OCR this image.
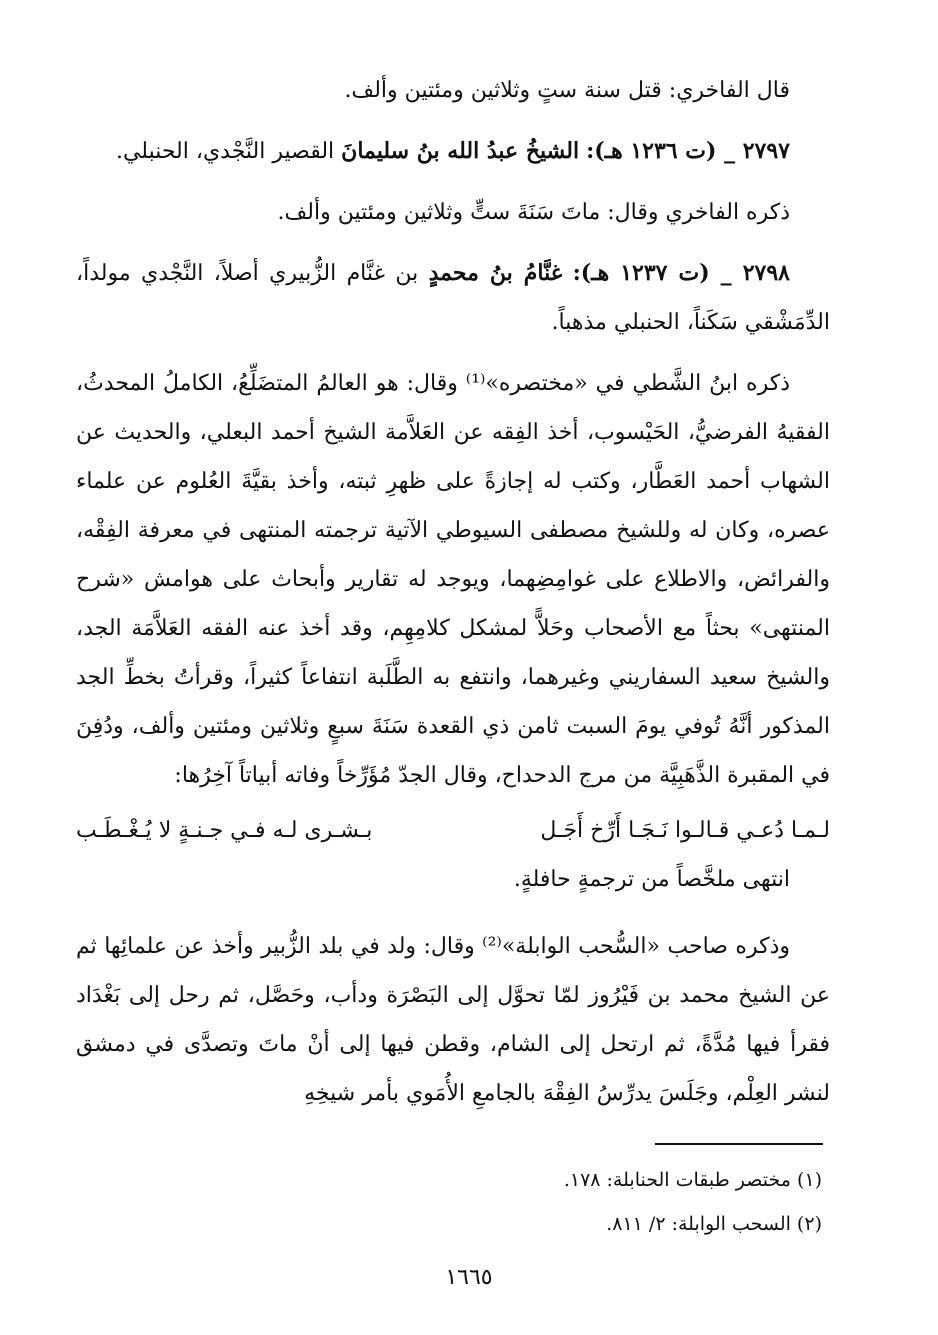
قال الفاخري: قتل سنة ستٍ وثلاثين ومئتين وألف.

٢٧٩٧ _ (ت ١٢٣٦ هـ): الشيخُ عبدُ الله بنُ سليمانَ القصير النَّجْدي، الحنبلي.

ذكره الفاخري وقال: ماتَ سَنَةَ ستٍّ وثلاثين ومئتين وألف.

٢٧٩٨ _ (ت ١٢٣٧ هـ): غنَّامُ بنُ محمدٍ بن غنَّام الزُّبيري أصلاً، النَّجْدي مولداً، الدِّمَشْقي سَكَناً، الحنبلي مذهباً.

ذكره ابنُ الشَّطي في «مختصره»⁽¹⁾ وقال: هو العالمُ المتضَلِّعُ، الكاملُ المحدثُ، الفقيهُ الفرضيُّ، الحَيْسوب، أخذ الفِقه عن العَلاَّمة الشيخ أحمد البعلي، والحديث عن الشهاب أحمد العَطَّار، وكتب له إجازةً على ظهرِ ثبته، وأخذ بقيَّةَ العُلوم عن علماء عصره، وكان له وللشيخ مصطفى السيوطي الآتية ترجمته المنتهى في معرفة الفِقْه، والفرائض، والاطلاع على غوامِضِهما، ويوجد له تقارير وأبحاث على هوامش «شرح المنتهى» بحثاً مع الأصحاب وحَلاًّ لمشكل كلامِهِم، وقد أخذ عنه الفقه العَلاَّمَة الجد، والشيخ سعيد السفاريني وغيرهما، وانتفع به الطَّلَبة انتفاعاً كثيراً، وقرأتُ بخطِّ الجد المذكور أنَّهُ تُوفي يومَ السبت ثامن ذي القعدة سَنَةَ سبعٍ وثلاثين ومئتين وألف، ودُفِنَ في المقبرة الذَّهَبِيَّة من مرج الدحداح، وقال الجدّ مُؤَرِّخاً وفاته أبياتاً آخِرُها:

لـمـا دُعـي قـالـوا نَـجَـا أَرِّخ أَجَـل
بـشـرى لـه فـي جـنـةٍ لا يُـغْـطَـب

انتهى ملخَّصاً من ترجمةٍ حافلةٍ.

وذكره صاحب «السُّحب الوابلة»⁽²⁾ وقال: ولد في بلد الزُّبير وأخذ عن علمائِها ثم عن الشيخ محمد بن فَيْرُوز لمّا تحوَّل إلى البَصْرَة ودأب، وحَصَّل، ثم رحل إلى بَغْدَاد فقرأ فيها مُدَّةً، ثم ارتحل إلى الشام، وقطن فيها إلى أنْ ماتَ وتصدَّى في دمشق لنشر العِلْم، وجَلَسَ يدرِّسُ الفِقْهَ بالجامعِ الأُمَوي بأمر شيخِهِ

(١) مختصر طبقات الحنابلة: ١٧٨.
(٢) السحب الوابلة: ٢/ ٨١١.
١٦٦٥
